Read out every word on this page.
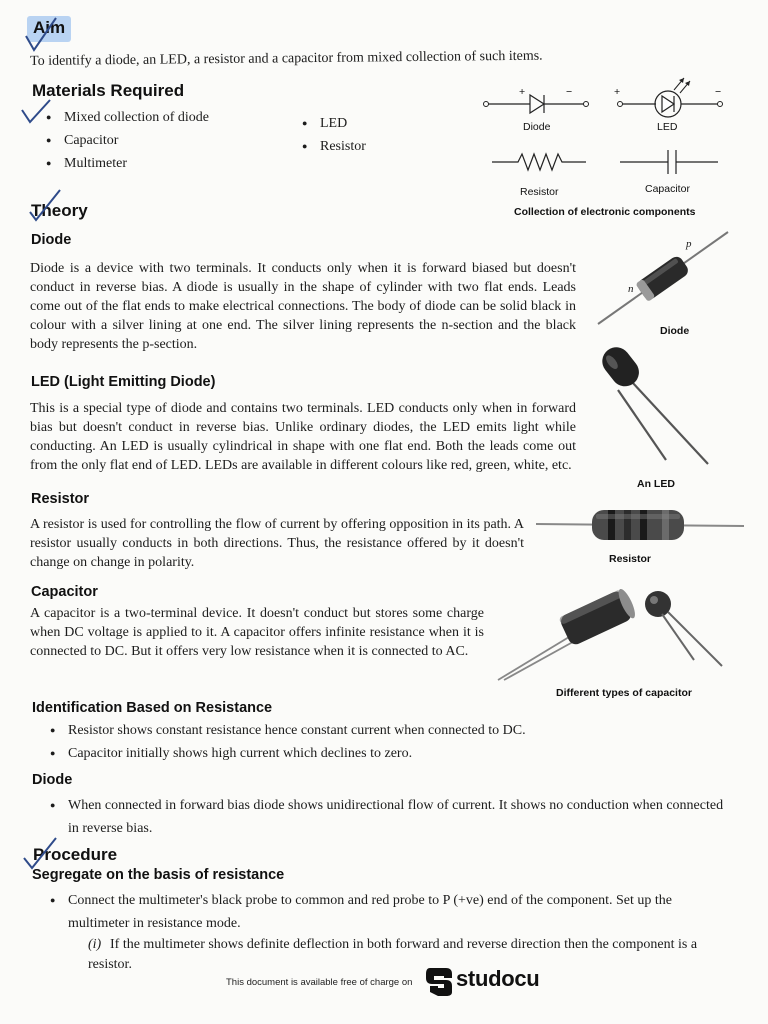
Aim
To identify a diode, an LED, a resistor and a capacitor from mixed collection of such items.
Materials Required
● Mixed collection of diode
● Capacitor
● Multimeter
● LED
● Resistor
+	−	+	−
Diode	LED
Resistor	Capacitor
Collection of electronic components
Theory
Diode

Diode is a device with two terminals. It conducts only when it is forward biased but doesn't conduct in reverse bias. A diode is usually in the shape of cylinder with two flat ends. Leads come out of the flat ends to make electrical connections. The body of diode can be solid black in colour with a silver lining at one end. The silver lining represents the n-section and the black body represents the p-section.

p
n
Diode
LED (Light Emitting Diode)

This is a special type of diode and contains two terminals. LED conducts only when in forward bias but doesn't conduct in reverse bias. Unlike ordinary diodes, the LED emits light while conducting. An LED is usually cylindrical in shape with one flat end. Both the leads come out from the only flat end of LED. LEDs are available in different colours like red, green, white, etc.

An LED
Resistor

A resistor is used for controlling the flow of current by offering opposition in its path. A resistor usually conducts in both directions. Thus, the resistance offered by it doesn't change on change in polarity.	Resistor
Capacitor

A capacitor is a two-terminal device. It doesn't conduct but stores some charge when DC voltage is applied to it. A capacitor offers infinite resistance when it is connected to DC. But it offers very low resistance when it is connected to AC.

Different types of capacitor
Identification Based on Resistance
● Resistor shows constant resistance hence constant current when connected to DC.
● Capacitor initially shows high current which declines to zero.
Diode
● When connected in forward bias diode shows unidirectional flow of current. It shows no conduction when connected in reverse bias.
Procedure
Segregate on the basis of resistance
● Connect the multimeter's black probe to common and red probe to P (+ve) end of the component. Set up the multimeter in resistance mode.
(i) If the multimeter shows definite deflection in both forward and reverse direction then the component is a resistor.
This document is available free of charge on studocu
